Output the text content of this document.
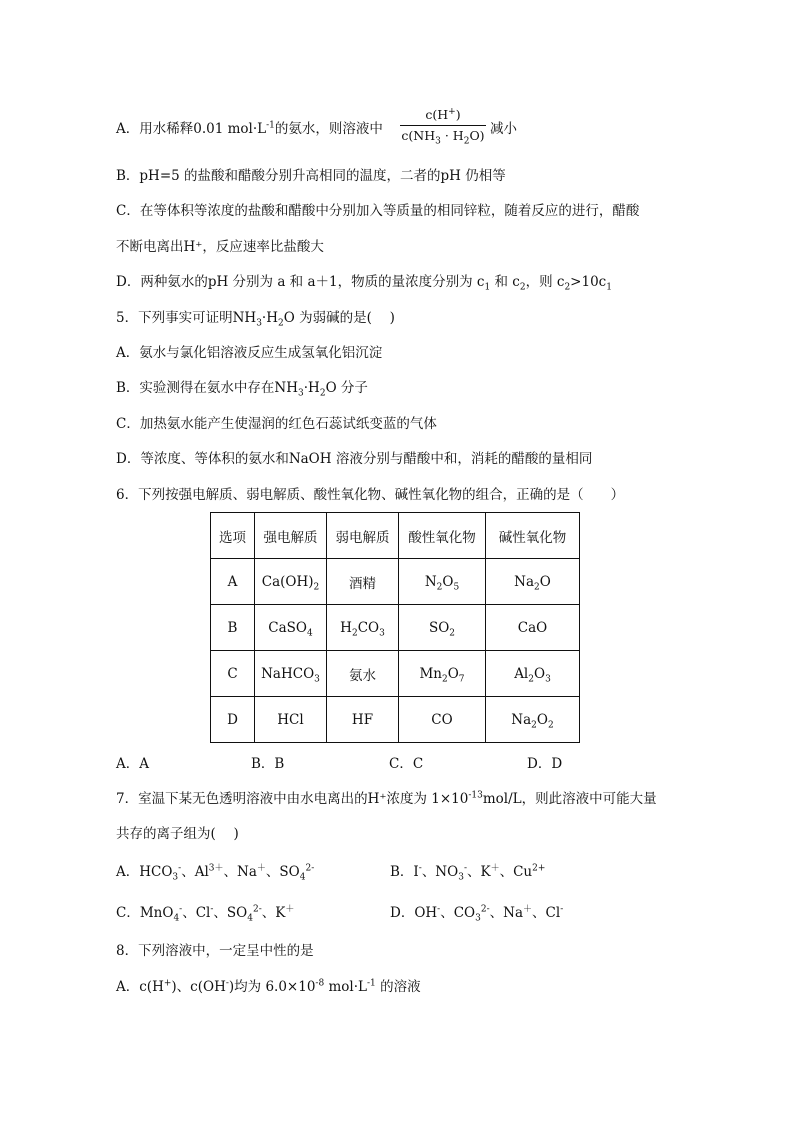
A．用水稀释0.01 $mol\cdot L^{-1}$的氨水，则溶液中
c(H+)
$c(NH_3 \cdot H_2O)$ 减小
B．pH=5 的盐酸和醋酸分别升高相同的温度，二者的pH 仍相等
C．在等体积等浓度的盐酸和醋酸中分别加入等质量的相同锌粒，随着反应的进行，醋酸
不断电离出H⁺，反应速率比盐酸大
D．两种氨水的pH 分别为 a 和 a＋1，物质的量浓度分别为 $c_1$ 和 $c_2$，则 $c_2>10c_1$
5．下列事实可证明$NH_3\cdot H_2O$ 为弱碱的是(　 )
A．氨水与氯化铝溶液反应生成氢氧化铝沉淀
B．实验测得在氨水中存在$NH_3\cdot H_2O$ 分子
C．加热氨水能产生使湿润的红色石蕊试纸变蓝的气体
D．等浓度、等体积的氨水和NaOH 溶液分别与醋酸中和，消耗的醋酸的量相同
6．下列按强电解质、弱电解质、酸性氧化物、碱性氧化物的组合，正确的是（　　）
选项	强电解质	弱电解质	酸性氧化物	碱性氧化物
A	$Ca(OH)_2$	酒精	$N_2O_5$	$Na_2O$
B	CaSO$_4$	$H_2CO_3$	$SO_2$	CaO
C	NaHCO$_3$	氨水	$Mn_2O_7$	$Al_2O_3$
D	HCl	HF	CO	$Na_2O_2$
A．A	B．B	C．C	D．D
7．室温下某无色透明溶液中由水电离出的H⁺浓度为 $1\times 10^{-13}mol/L$，则此溶液中可能大量
共存的离子组为(　 )
A．$HCO_3^-$、$Al^{3+}$、Na＋、$SO_4^{2-}$	B．I-、$NO_3^-$、K＋、$Cu^{2+}$
C．MnO$_4$-、Cl-、$SO_4^{2-}$、K＋	D．OH-、$CO_3^{2-}$、Na＋、Cl-
8．下列溶液中，一定呈中性的是
A．c(H+)、c(OH-)均为 $6.0\times 10^{-8}$ $mol\cdot L^{-1}$ 的溶液
